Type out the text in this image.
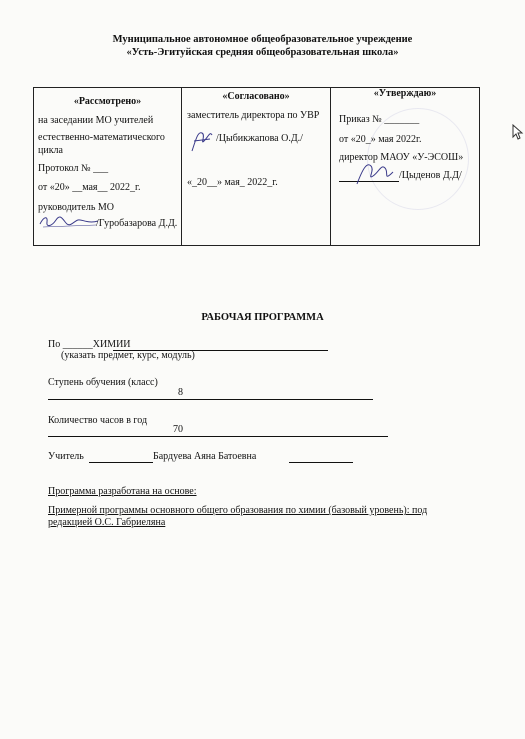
Муниципальное автономное общеобразовательное учреждение
«Усть-Эгитуйская средняя общеобразовательная школа»
«Рассмотрено»
на заседании МО учителей
естественно-математического
цикла
Протокол № ___
от «20» __мая__ 2022_г.
руководитель МО
/Гуробазарова Д.Д.
«Согласовано»
заместитель директора по УВР
/Цыбикжапова О.Д./
«_20__» мая_ 2022_г.
«Утверждаю»
Приказ № _______
от «20_» мая 2022г.
директор МАОУ «У-ЭСОШ»
/Цыденов Д.Д/
РАБОЧАЯ ПРОГРАММА
По ______ХИМИИ
(указать предмет, курс, модуль)
Ступень обучения (класс)
8
Количество часов в год
70
Учитель	Бардуева Аяна Батоевна
Программа разработана на основе:
Примерной программы основного общего образования по химии (базовый уровень): под
редакцией О.С. Габриеляна
